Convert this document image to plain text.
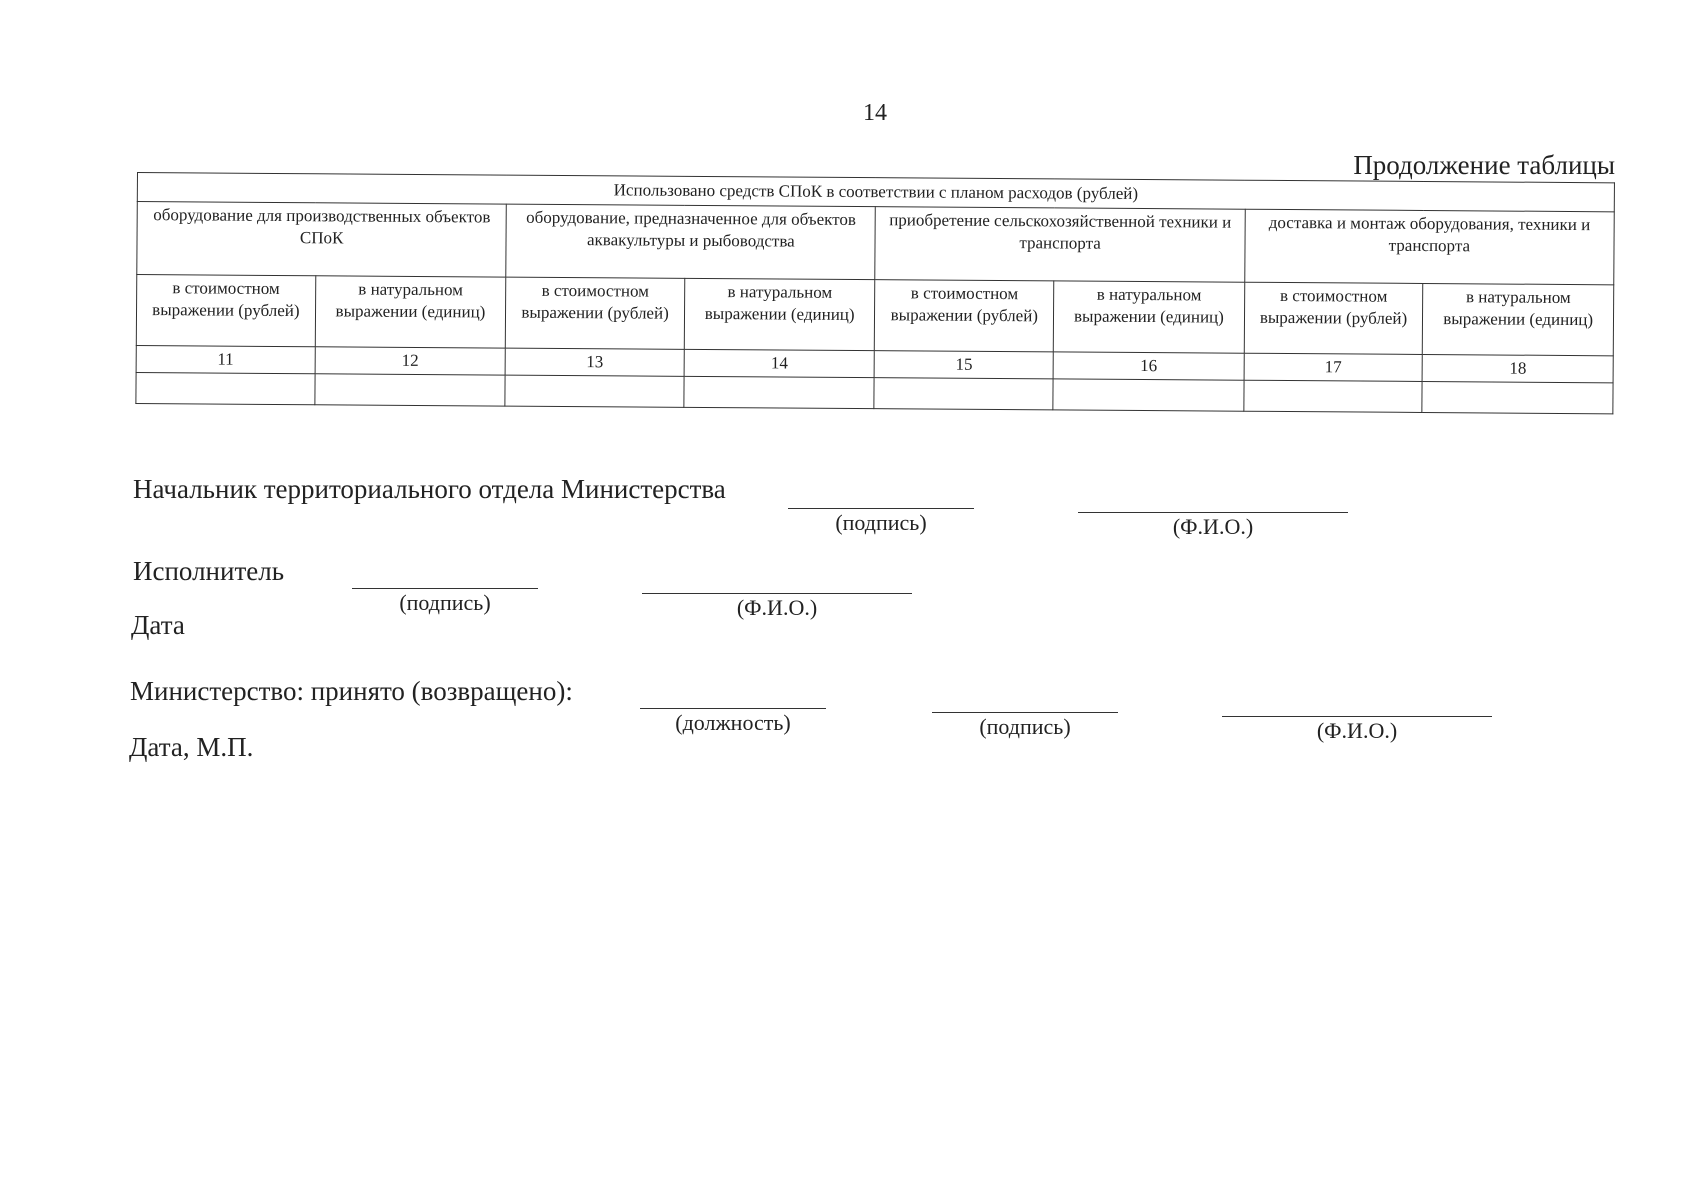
14
Продолжение таблицы
Использовано средств СПоК в соответствии с планом расходов (рублей)							
оборудование для производственных объектов СПоК		оборудование, предназначенное для объектов аквакультуры и рыбоводства		приобретение сельскохозяйственной техники и транспорта		доставка и монтаж оборудования, техники и транспорта	
в стоимостном выражении (рублей)	в натуральном выражении (единиц)	в стоимостном выражении (рублей)	в натуральном выражении (единиц)	в стоимостном выражении (рублей)	в натуральном выражении (единиц)	в стоимостном выражении (рублей)	в натуральном выражении (единиц)
11	12	13	14	15	16	17	18

Начальник территориального отдела Министерства
(подпись)	(Ф.И.О.)
Исполнитель
(подпись)	(Ф.И.О.)
Дата
Министерство: принято (возвращено):
(должность)	(подпись)	(Ф.И.О.)
Дата, М.П.
